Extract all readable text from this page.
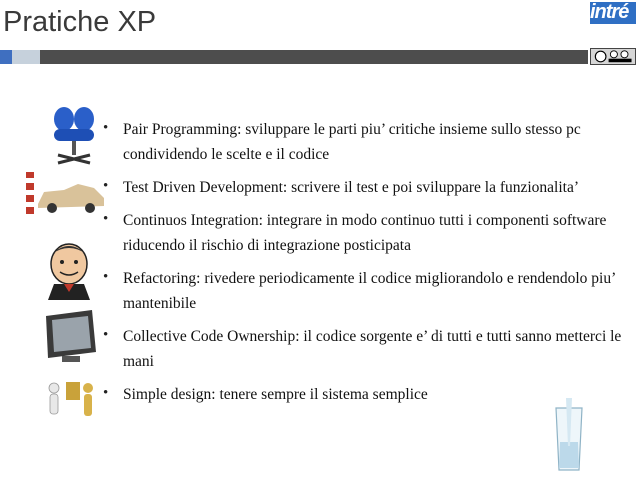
Pratiche XP	intré
• Pair Programming: sviluppare le parti piu’ critiche insieme sullo stesso pc condividendo le scelte e il codice
• Test Driven Development: scrivere il test e poi sviluppare la funzionalita’
• Continuos Integration: integrare in modo continuo tutti i componenti software riducendo il rischio di integrazione posticipata
• Refactoring: rivedere periodicamente il codice migliorandolo e rendendolo piu’ mantenibile
• Collective Code Ownership: il codice sorgente e’ di tutti e tutti sanno metterci le mani
• Simple design: tenere sempre il sistema semplice
